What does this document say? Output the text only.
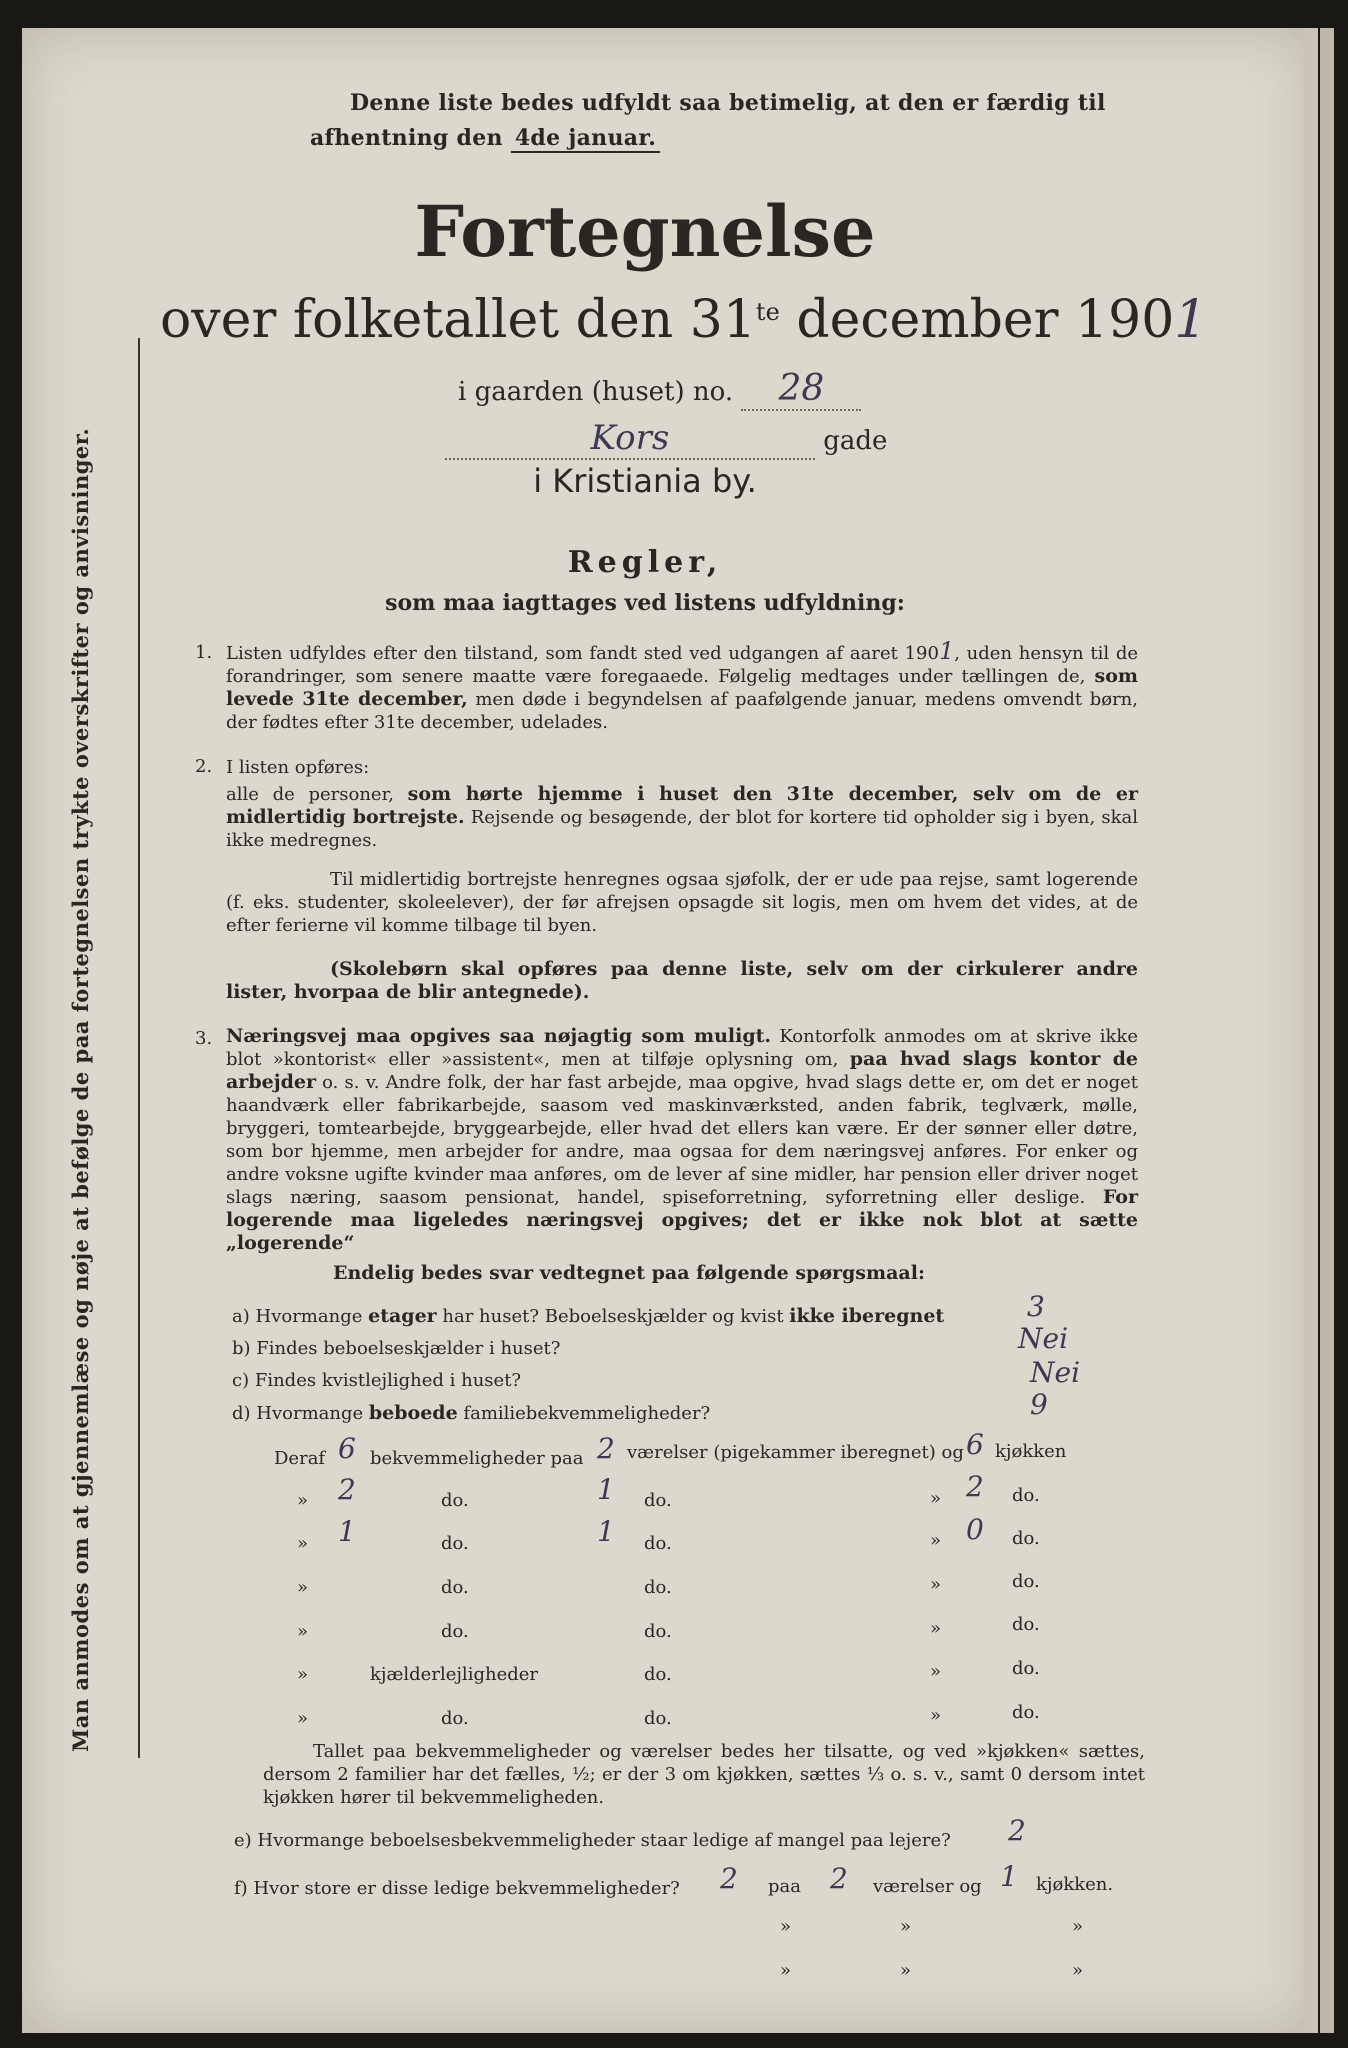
Man anmodes om at gjennemlæse og nøje at befølge de paa fortegnelsen trykte overskrifter og anvisninger.
Denne liste bedes udfyldt saa betimelig, at den er færdig til
afhentning den 4de januar.
Fortegnelse
over folketallet den $31^{te}$ december 1901
i gaarden (huset) no. 28
Kors	gade
i Kristiania by.
Regler,
som maa iagttages ved listens udfyldning:
1. Listen udfyldes efter den tilstand, som fandt sted ved udgangen af aaret 1901, uden hensyn til de forandringer, som senere maatte være foregaaede. Følgelig medtages under tællingen de, som levede 31te december, men døde i begyndelsen af paafølgende januar, medens omvendt børn, der fødtes efter 31te december, udelades.
2. I listen opføres:
alle de personer, som hørte hjemme i huset den 31te december, selv om de er midlertidig bortrejste. Rejsende og besøgende, der blot for kortere tid opholder sig i byen, skal ikke medregnes.
Til midlertidig bortrejste henregnes ogsaa sjøfolk, der er ude paa rejse, samt logerende (f. eks. studenter, skoleelever), der før afrejsen opsagde sit logis, men om hvem det vides, at de efter ferierne vil komme tilbage til byen.
(Skolebørn skal opføres paa denne liste, selv om der cirkulerer andre lister, hvorpaa de blir antegnede).
3. Næringsvej maa opgives saa nøjagtig som muligt. Kontorfolk anmodes om at skrive ikke blot »kontorist« eller »assistent«, men at tilføje oplysning om, paa hvad slags kontor de arbejder o. s. v. Andre folk, der har fast arbejde, maa opgive, hvad slags dette er, om det er noget haandværk eller fabrikarbejde, saasom ved maskinværksted, anden fabrik, teglværk, mølle, bryggeri, tomtearbejde, bryggearbejde, eller hvad det ellers kan være. Er der sønner eller døtre, som bor hjemme, men arbejder for andre, maa ogsaa for dem næringsvej anføres. For enker og andre voksne ugifte kvinder maa anføres, om de lever af sine midler, har pension eller driver noget slags næring, saasom pensionat, handel, spiseforretning, syforretning eller deslige. For logerende maa ligeledes næringsvej opgives; det er ikke nok blot at sætte „logerende“
Endelig bedes svar vedtegnet paa følgende spørgsmaal:
a) Hvormange etager har huset? Beboelseskjælder og kvist ikke iberegnet	3
b) Findes beboelseskjælder i huset?	Nei
c) Findes kvistlejlighed i huset?	Nei
d) Hvormange beboede familiebekvemmeligheder?	9
Deraf 6 bekvemmeligheder paa 2 værelser (pigekammer iberegnet) og 6 kjøkken
» 2	do.	1 do.	» 2 do.
» 1	do.	1 do.	» 0 do.
»	do.	do.	»	do.
»	do.	do.	»	do.
»	kjælderlejligheder	do.	»	do.
»	do.	do.	»	do.
Tallet paa bekvemmeligheder og værelser bedes her tilsatte, og ved »kjøkken« sættes, dersom 2 familier har det fælles, ½; er der 3 om kjøkken, sættes ⅓ o. s. v., samt 0 dersom intet kjøkken hører til bekvemmeligheden.
e) Hvormange beboelsesbekvemmeligheder staar ledige af mangel paa lejere? 2
f) Hvor store er disse ledige bekvemmeligheder? 2 paa 2 værelser og 1 kjøkken.
»	»	»
»	»	»
